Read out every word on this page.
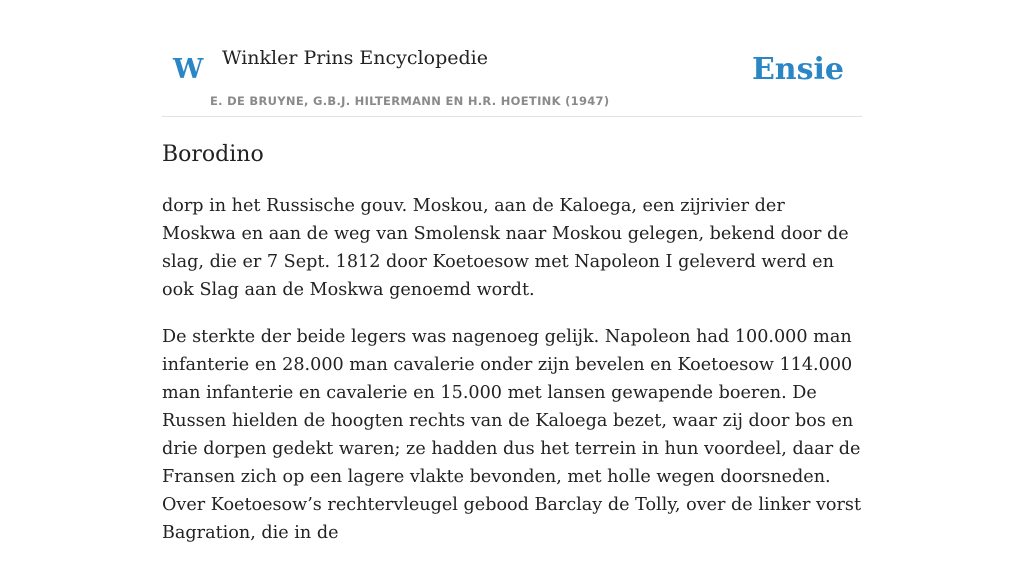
W Winkler Prins Encyclopedie
E. DE BRUYNE, G.B.J. HILTERMANN EN H.R. HOETINK (1947)
Ensie
Borodino

dorp in het Russische gouv. Moskou, aan de Kaloega, een zijrivier der Moskwa en aan de weg van Smolensk naar Moskou gelegen, bekend door de slag, die er 7 Sept. 1812 door Koetoesow met Napoleon I geleverd werd en ook Slag aan de Moskwa genoemd wordt.

De sterkte der beide legers was nagenoeg gelijk. Napoleon had 100.000 man infanterie en 28.000 man cavalerie onder zijn bevelen en Koetoesow 114.000 man infanterie en cavalerie en 15.000 met lansen gewapende boeren. De Russen hielden de hoogten rechts van de Kaloega bezet, waar zij door bos en drie dorpen gedekt waren; ze hadden dus het terrein in hun voordeel, daar de Fransen zich op een lagere vlakte bevonden, met holle wegen doorsneden. Over Koetoesow’s rechtervleugel gebood Barclay de Tolly, over de linker vorst Bagration, die in de
